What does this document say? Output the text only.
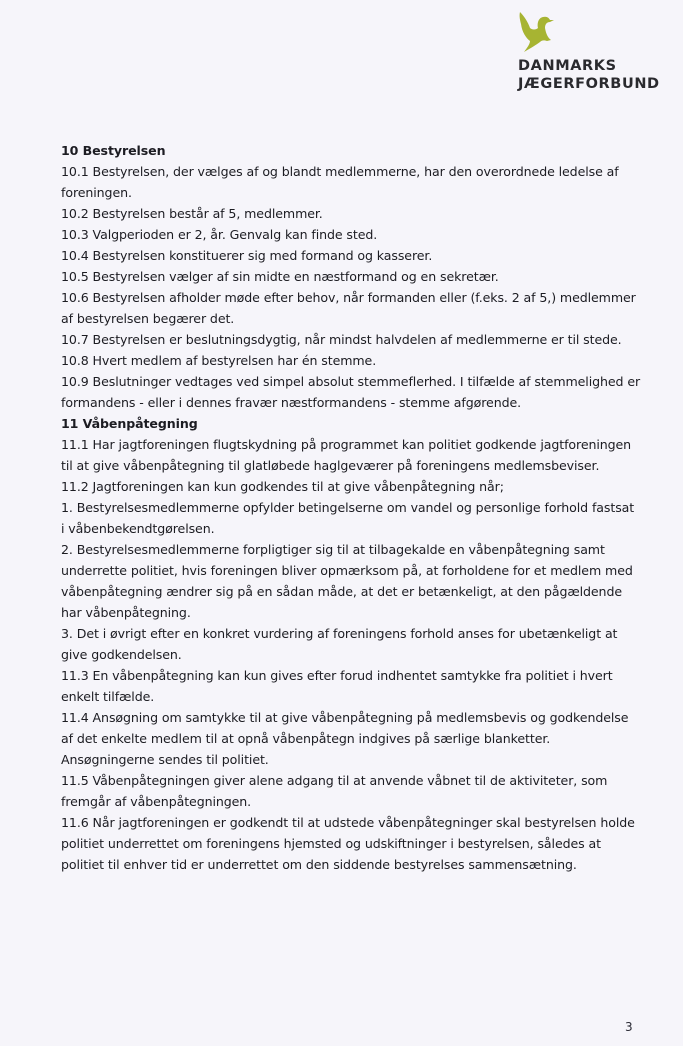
DANMARKS
JÆGERFORBUND

10 Bestyrelsen

10.1 Bestyrelsen, der vælges af og blandt medlemmerne, har den overordnede ledelse af foreningen.

10.2 Bestyrelsen består af 5, medlemmer.

10.3 Valgperioden er 2, år. Genvalg kan finde sted.

10.4 Bestyrelsen konstituerer sig med formand og kasserer.

10.5 Bestyrelsen vælger af sin midte en næstformand og en sekretær.

10.6 Bestyrelsen afholder møde efter behov, når formanden eller (f.eks. 2 af 5,) medlemmer af bestyrelsen begærer det.

10.7 Bestyrelsen er beslutningsdygtig, når mindst halvdelen af medlemmerne er til stede.

10.8 Hvert medlem af bestyrelsen har én stemme.

10.9 Beslutninger vedtages ved simpel absolut stemmeflerhed. I tilfælde af stemmelighed er formandens - eller i dennes fravær næstformandens - stemme afgørende.

11 Våbenpåtegning

11.1 Har jagtforeningen flugtskydning på programmet kan politiet godkende jagtforeningen til at give våbenpåtegning til glatløbede haglgeværer på foreningens medlemsbeviser.

11.2 Jagtforeningen kan kun godkendes til at give våbenpåtegning når;

1. Bestyrelsesmedlemmerne opfylder betingelserne om vandel og personlige forhold fastsat i våbenbekendtgørelsen.

2. Bestyrelsesmedlemmerne forpligtiger sig til at tilbagekalde en våbenpåtegning samt underrette politiet, hvis foreningen bliver opmærksom på, at forholdene for et medlem med våbenpåtegning ændrer sig på en sådan måde, at det er betænkeligt, at den pågældende har våbenpåtegning.

3. Det i øvrigt efter en konkret vurdering af foreningens forhold anses for ubetænkeligt at give godkendelsen.

11.3 En våbenpåtegning kan kun gives efter forud indhentet samtykke fra politiet i hvert enkelt tilfælde.

11.4 Ansøgning om samtykke til at give våbenpåtegning på medlemsbevis og godkendelse af det enkelte medlem til at opnå våbenpåtegn indgives på særlige blanketter. Ansøgningerne sendes til politiet.

11.5 Våbenpåtegningen giver alene adgang til at anvende våbnet til de aktiviteter, som fremgår af våbenpåtegningen.

11.6 Når jagtforeningen er godkendt til at udstede våbenpåtegninger skal bestyrelsen holde politiet underrettet om foreningens hjemsted og udskiftninger i bestyrelsen, således at politiet til enhver tid er underrettet om den siddende bestyrelses sammensætning.

3
